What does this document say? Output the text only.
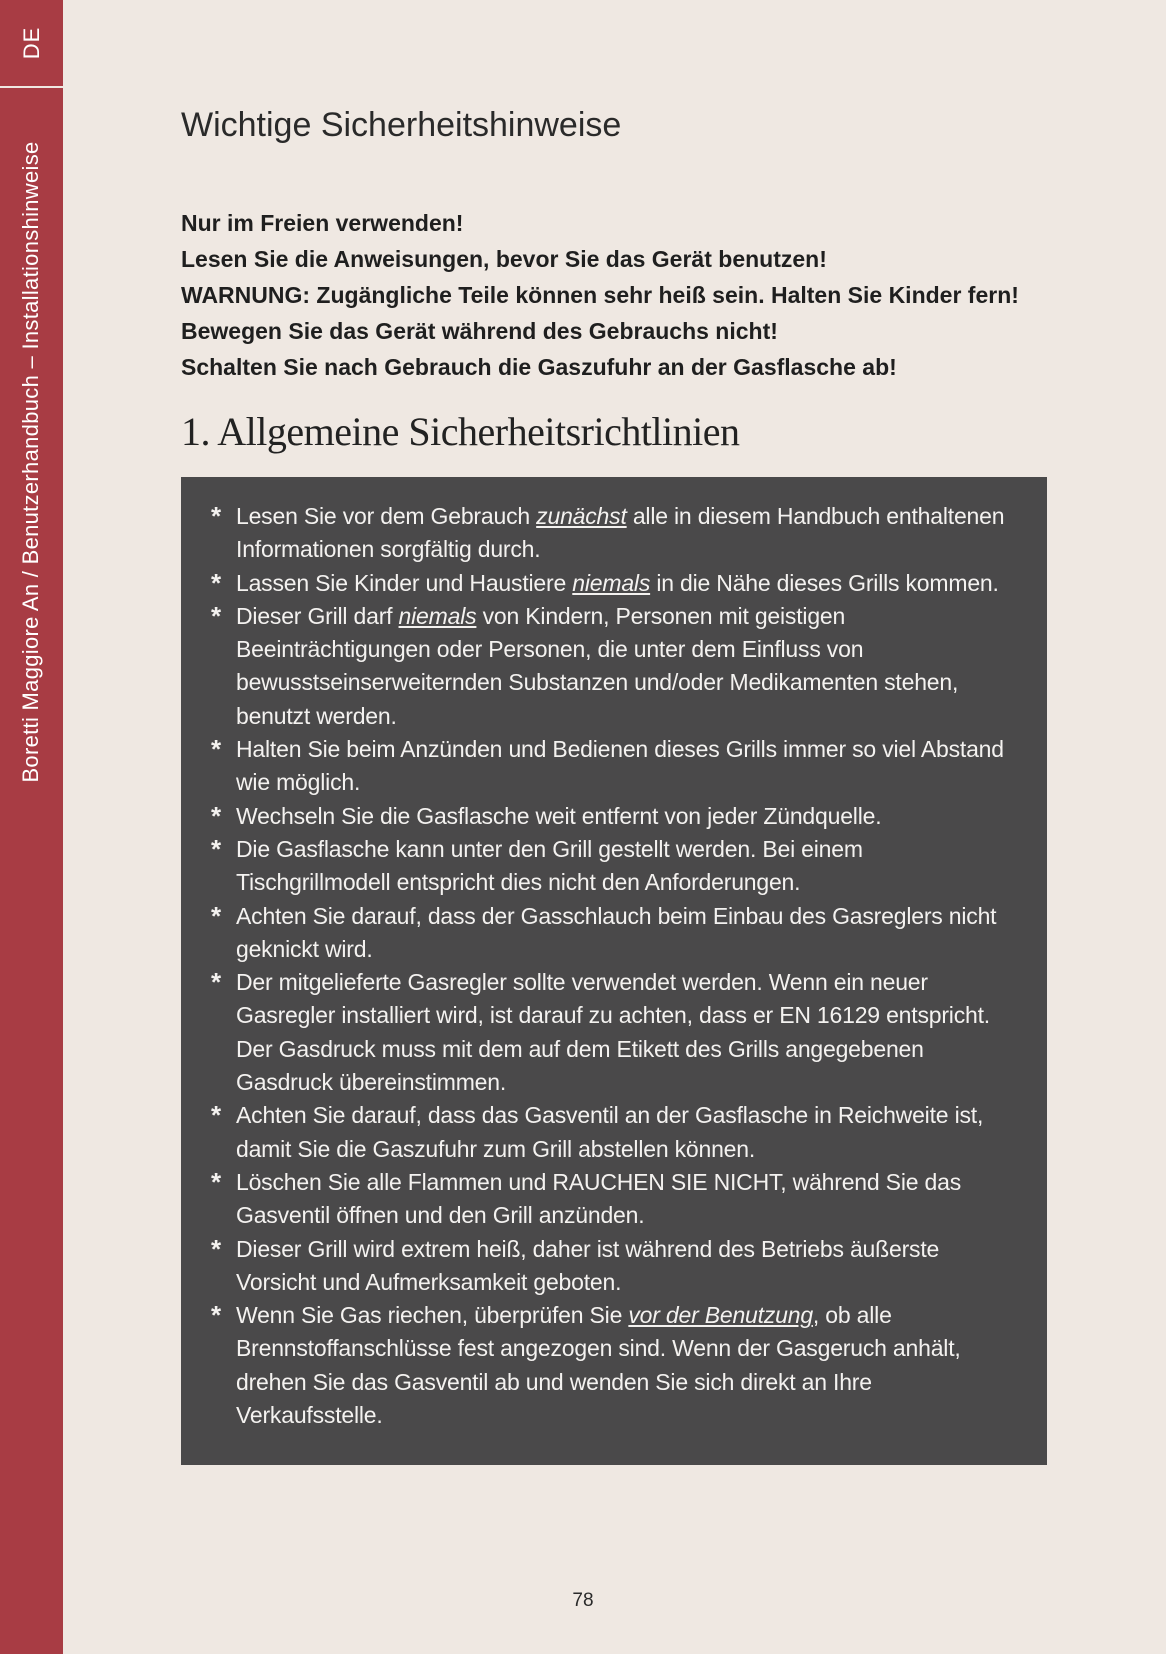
DE
Boretti Maggiore An / Benutzerhandbuch – Installationshinweise
Wichtige Sicherheitshinweise
Nur im Freien verwenden!
Lesen Sie die Anweisungen, bevor Sie das Gerät benutzen!
WARNUNG: Zugängliche Teile können sehr heiß sein. Halten Sie Kinder fern!
Bewegen Sie das Gerät während des Gebrauchs nicht!
Schalten Sie nach Gebrauch die Gaszufuhr an der Gasflasche ab!
1. Allgemeine Sicherheitsrichtlinien
* Lesen Sie vor dem Gebrauch zunächst alle in diesem Handbuch enthaltenen Informationen sorgfältig durch.
* Lassen Sie Kinder und Haustiere niemals in die Nähe dieses Grills kommen.
* Dieser Grill darf niemals von Kindern, Personen mit geistigen Beeinträchtigungen oder Personen, die unter dem Einfluss von bewusstseinserweiternden Substanzen und/oder Medikamenten stehen, benutzt werden.
* Halten Sie beim Anzünden und Bedienen dieses Grills immer so viel Abstand wie möglich.
* Wechseln Sie die Gasflasche weit entfernt von jeder Zündquelle.
* Die Gasflasche kann unter den Grill gestellt werden. Bei einem Tischgrillmodell entspricht dies nicht den Anforderungen.
* Achten Sie darauf, dass der Gasschlauch beim Einbau des Gasreglers nicht geknickt wird.
* Der mitgelieferte Gasregler sollte verwendet werden. Wenn ein neuer Gasregler installiert wird, ist darauf zu achten, dass er EN 16129 entspricht. Der Gasdruck muss mit dem auf dem Etikett des Grills angegebenen Gasdruck übereinstimmen.
* Achten Sie darauf, dass das Gasventil an der Gasflasche in Reichweite ist, damit Sie die Gaszufuhr zum Grill abstellen können.
* Löschen Sie alle Flammen und RAUCHEN SIE NICHT, während Sie das Gasventil öffnen und den Grill anzünden.
* Dieser Grill wird extrem heiß, daher ist während des Betriebs äußerste Vorsicht und Aufmerksamkeit geboten.
* Wenn Sie Gas riechen, überprüfen Sie vor der Benutzung, ob alle Brennstoffanschlüsse fest angezogen sind. Wenn der Gasgeruch anhält, drehen Sie das Gasventil ab und wenden Sie sich direkt an Ihre Verkaufsstelle.
78
